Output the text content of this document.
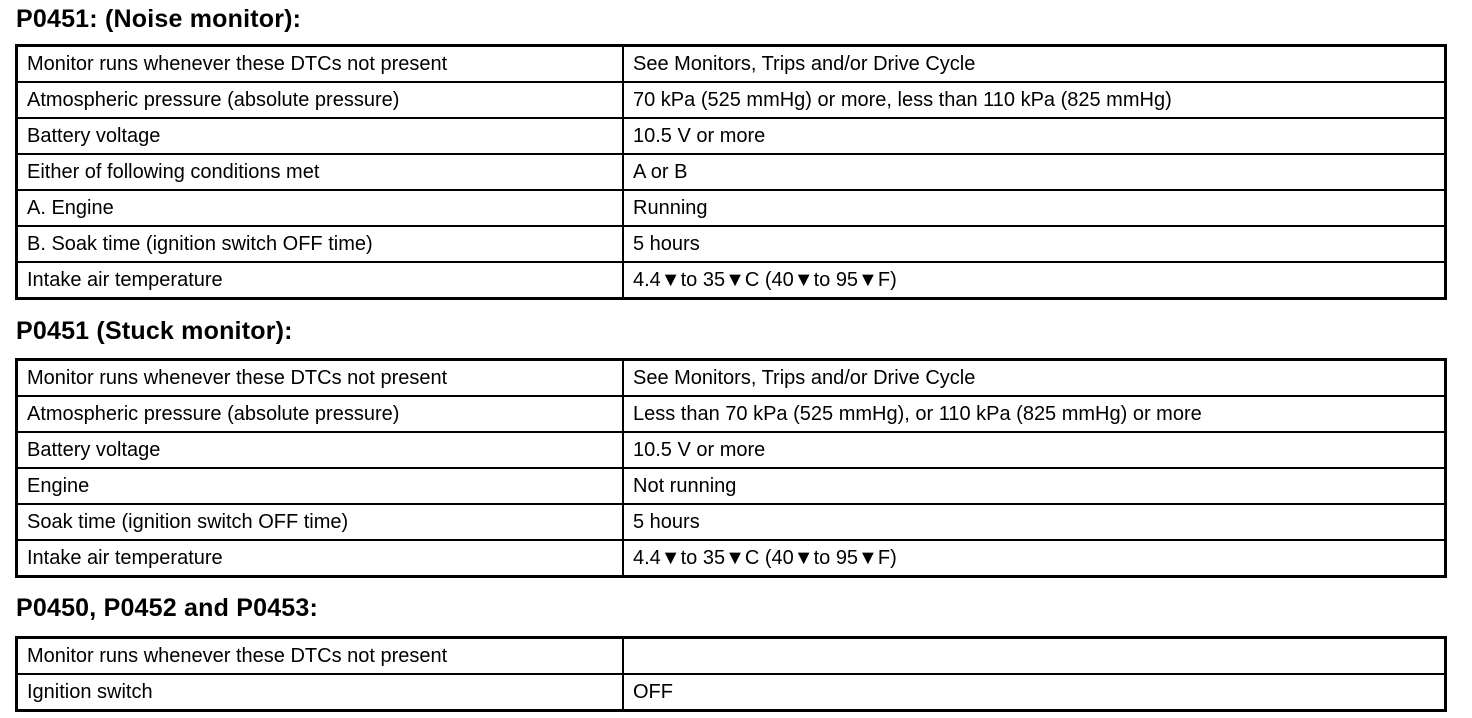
P0451: (Noise monitor):
Monitor runs whenever these DTCs not present	See Monitors, Trips and/or Drive Cycle
Atmospheric pressure (absolute pressure)	70 kPa (525 mmHg) or more, less than 110 kPa (825 mmHg)
Battery voltage	10.5 V or more
Either of following conditions met	A or B
A. Engine	Running
B. Soak time (ignition switch OFF time)	5 hours
Intake air temperature	4.4▼to 35▼C (40▼to 95▼F)
P0451 (Stuck monitor):
Monitor runs whenever these DTCs not present	See Monitors, Trips and/or Drive Cycle
Atmospheric pressure (absolute pressure)	Less than 70 kPa (525 mmHg), or 110 kPa (825 mmHg) or more
Battery voltage	10.5 V or more
Engine	Not running
Soak time (ignition switch OFF time)	5 hours
Intake air temperature	4.4▼to 35▼C (40▼to 95▼F)
P0450, P0452 and P0453:
Monitor runs whenever these DTCs not present	
Ignition switch	OFF
